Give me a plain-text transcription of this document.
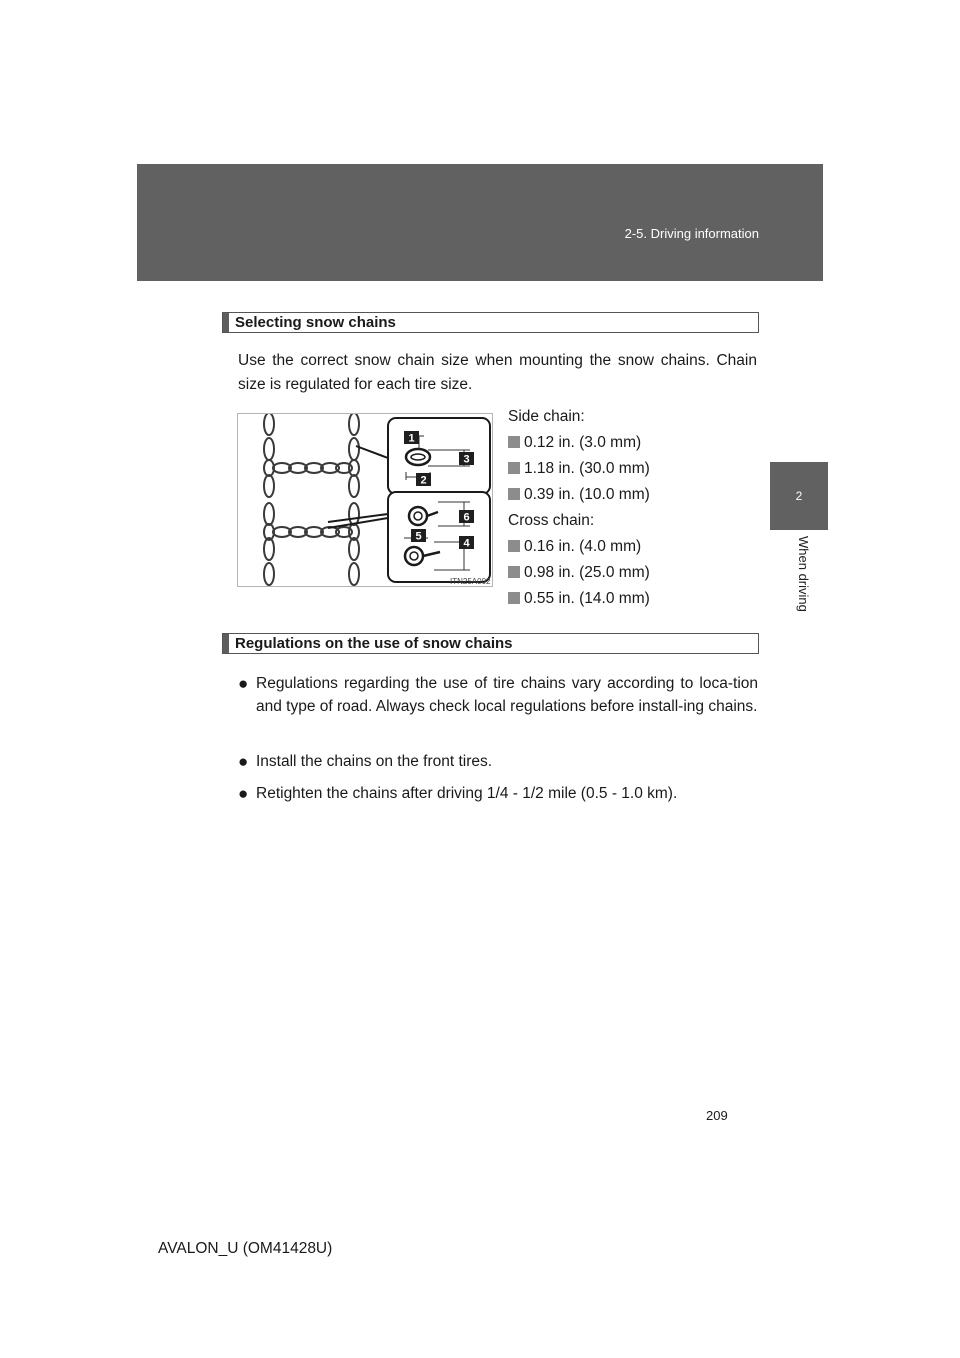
2-5. Driving information
2
When driving
Selecting snow chains

Use the correct snow chain size when mounting the snow chains. Chain size is regulated for each tire size.

1
2
3
4
5
6
ITN25A002
Side chain:
0.12 in. (3.0 mm)
1.18 in. (30.0 mm)
0.39 in. (10.0 mm)
Cross chain:
0.16 in. (4.0 mm)
0.98 in. (25.0 mm)
0.55 in. (14.0 mm)
Regulations on the use of snow chains
● Regulations regarding the use of tire chains vary according to loca-tion and type of road. Always check local regulations before install-ing chains.
● Install the chains on the front tires.
● Retighten the chains after driving 1/4 - 1/2 mile (0.5 - 1.0 km).
209
AVALON_U (OM41428U)
